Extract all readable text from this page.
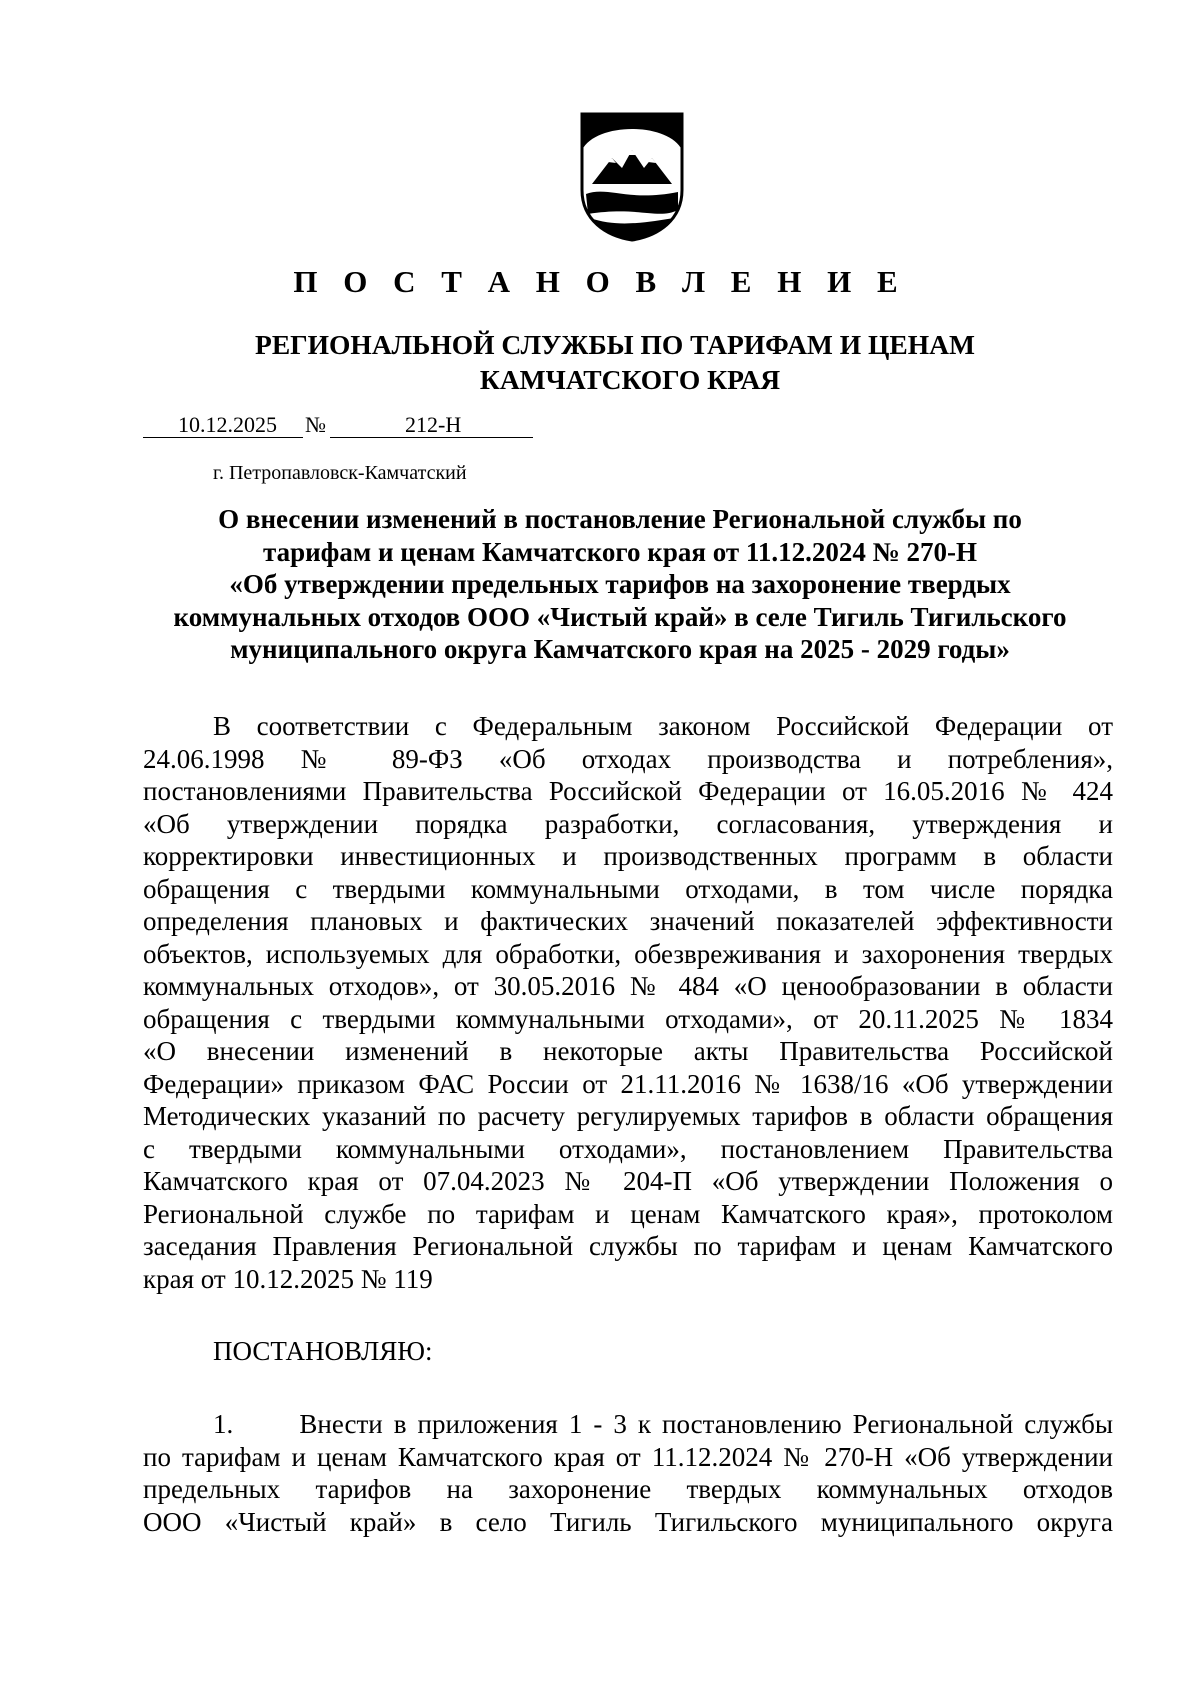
П О С Т А Н О В Л Е Н И Е
РЕГИОНАЛЬНОЙ СЛУЖБЫ ПО ТАРИФАМ И ЦЕНАМ
КАМЧАТСКОГО КРАЯ
10.12.2025 №	212-Н
г. Петропавловск-Камчатский
О внесении изменений в постановление Региональной службы по
тарифам и ценам Камчатского края от 11.12.2024 № 270-Н
«Об утверждении предельных тарифов на захоронение твердых
коммунальных отходов ООО «Чистый край» в селе Тигиль Тигильского
муниципального округа Камчатского края на 2025 - 2029 годы»
В соответствии с Федеральным законом Российской Федерации от
24.06.1998 № 89-ФЗ «Об отходах производства и потребления»,
постановлениями Правительства Российской Федерации от 16.05.2016 № 424
«Об утверждении порядка разработки, согласования, утверждения и
корректировки инвестиционных и производственных программ в области
обращения с твердыми коммунальными отходами, в том числе порядка
определения плановых и фактических значений показателей эффективности
объектов, используемых для обработки, обезвреживания и захоронения твердых
коммунальных отходов», от 30.05.2016 № 484 «О ценообразовании в области
обращения с твердыми коммунальными отходами», от 20.11.2025 № 1834
«О внесении изменений в некоторые акты Правительства Российской
Федерации» приказом ФАС России от 21.11.2016 № 1638/16 «Об утверждении
Методических указаний по расчету регулируемых тарифов в области обращения
с твердыми коммунальными отходами», постановлением Правительства
Камчатского края от 07.04.2023 № 204-П «Об утверждении Положения о
Региональной службе по тарифам и ценам Камчатского края», протоколом
заседания Правления Региональной службы по тарифам и ценам Камчатского
края от 10.12.2025 № 119
ПОСТАНОВЛЯЮ:
1.      Внести в приложения 1 - 3 к постановлению Региональной службы
по тарифам и ценам Камчатского края от 11.12.2024 № 270-Н «Об утверждении
предельных тарифов на захоронение твердых коммунальных отходов
ООО «Чистый край» в село Тигиль Тигильского муниципального округа
